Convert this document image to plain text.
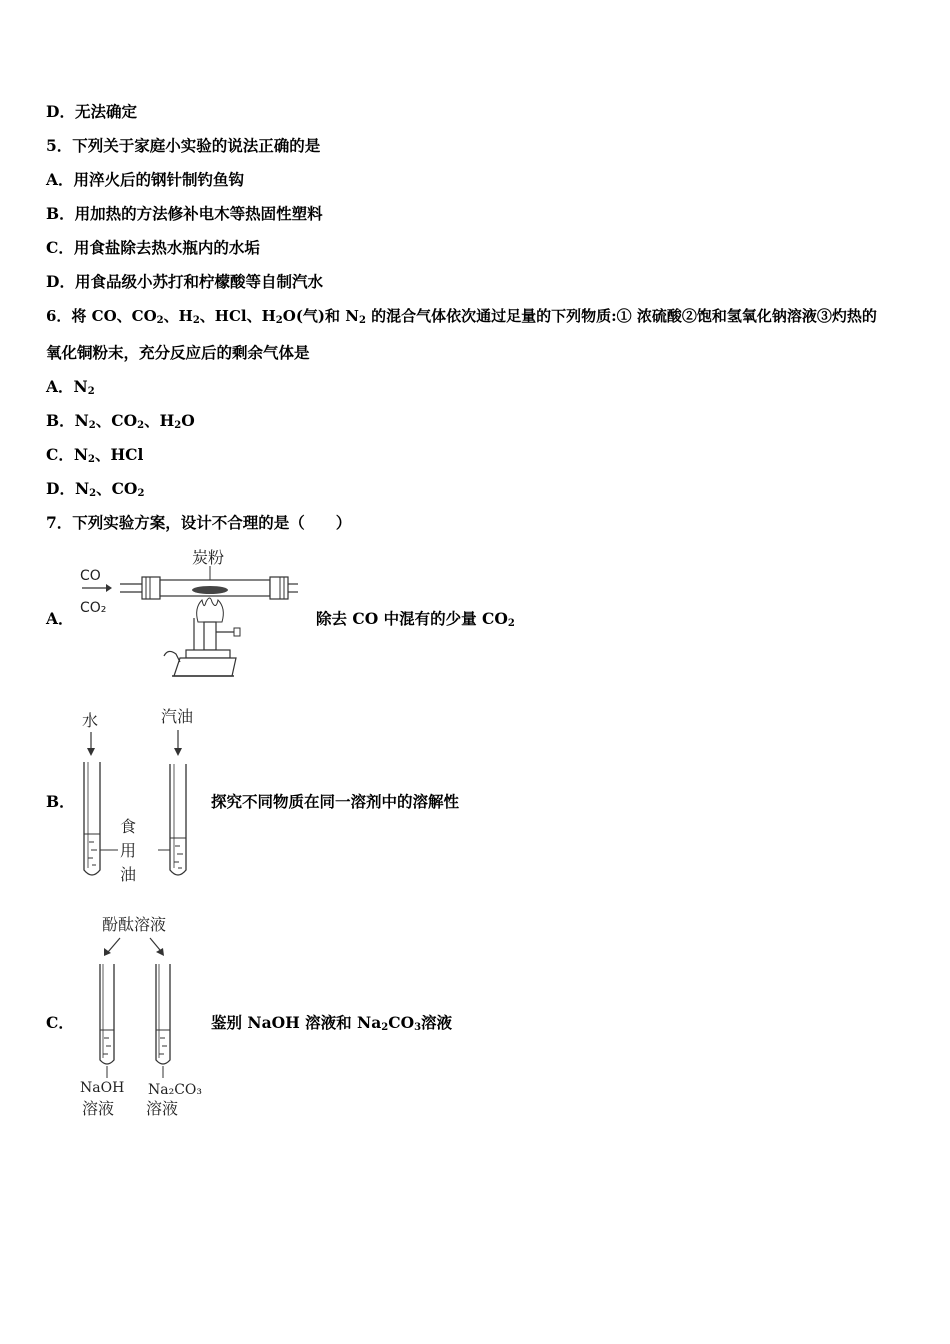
D．无法确定
5．下列关于家庭小实验的说法正确的是
A．用淬火后的钢针制钓鱼钩
B．用加热的方法修补电木等热固性塑料
C．用食盐除去热水瓶内的水垢
D．用食品级小苏打和柠檬酸等自制汽水
6．将 CO、$CO_2$、$H_2$、HCl、$H_2O$(气)和 $N_2$ 的混合气体依次通过足量的下列物质:① 浓硫酸②饱和氢氧化钠溶液③灼热的
氧化铜粉末，充分反应后的剩余气体是
A．$N_2$
B．$N_2$、$CO_2$、$H_2O$
C．$N_2$、HCl
D．$N_2$、$CO_2$
7．下列实验方案，设计不合理的是（　　）
A．
炭粉
CO
CO₂
除去 CO 中混有的少量 $CO_2$
B．
水	汽油
食
用
油
探究不同物质在同一溶剂中的溶解性
C．
酚酞溶液
NaOH
溶液
Na₂CO₃
溶液
鉴别 NaOH 溶液和 $Na_2CO_3$溶液
